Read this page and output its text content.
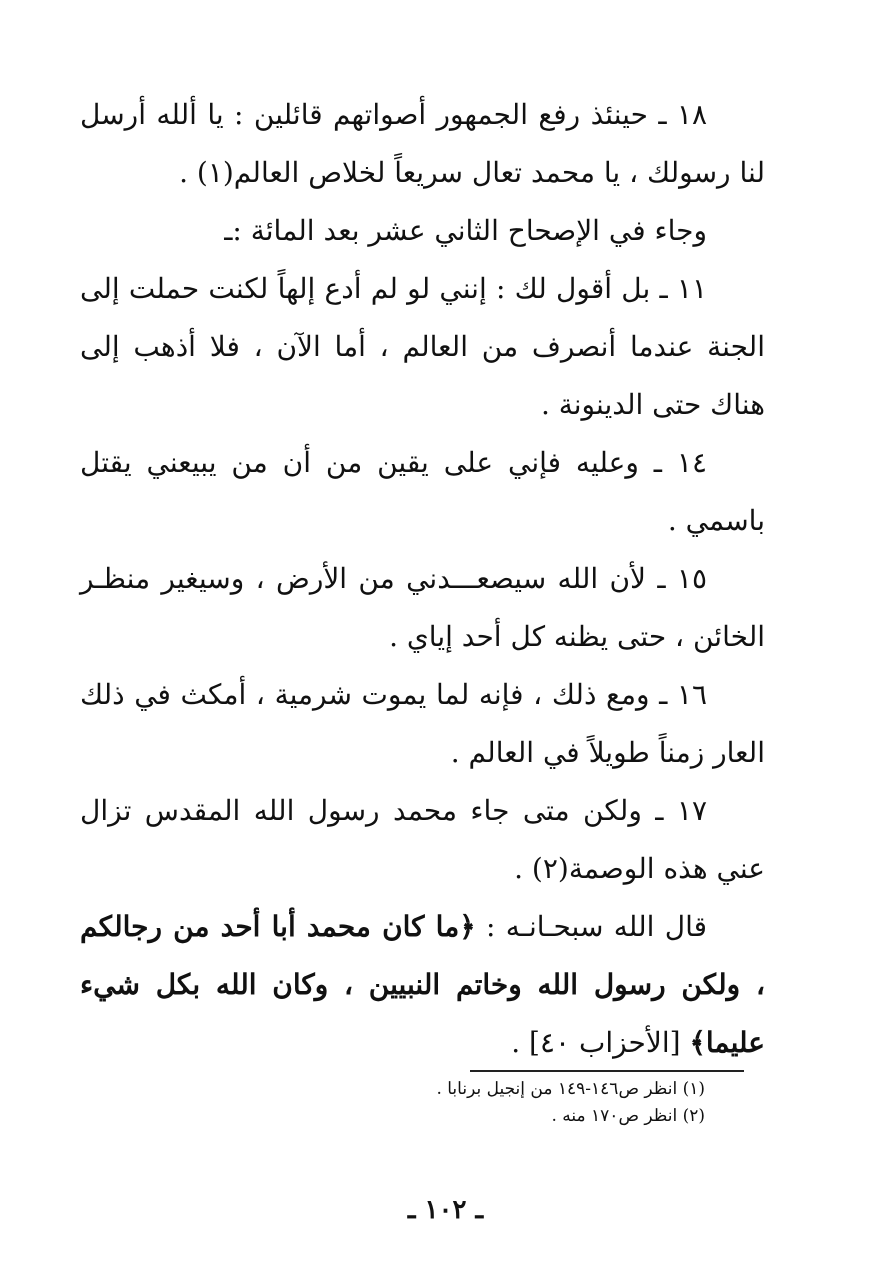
١٨ ـ حينئذ رفع الجمهور أصواتهم قائلين : يا ألله أرسل لنا رسولك ، يا محمد تعال سريعاً لخلاص العالم(١) .

وجاء في الإصحاح الثاني عشر بعد المائة :ـ

١١ ـ بل أقول لك : إنني لو لم أدع إلهاً لكنت حملت إلى الجنة عندما أنصرف من العالم ، أما الآن ، فلا أذهب إلى هناك حتى الدينونة .

١٤ ـ وعليه فإني على يقين من أن من يبيعني يقتل باسمي .

١٥ ـ لأن الله سيصعـــدني من الأرض ، وسيغير منظـر الخائن ، حتى يظنه كل أحد إياي .

١٦ ـ ومع ذلك ، فإنه لما يموت شرمية ، أمكث في ذلك العار زمناً طويلاً في العالم .

١٧ ـ ولكن متى جاء محمد رسول الله المقدس تزال عني هذه الوصمة(٢) .

قال الله سبحـانـه : ﴿ما كان محمد أبا أحد من رجالكم ، ولكن رسول الله وخاتم النبيين ، وكان الله بكل شيء عليما﴾ [الأحزاب ٤٠] .

(١) انظر ص١٤٦-١٤٩ من إنجيل برنابا .

(٢) انظر ص١٧٠ منه .

ـ ١٠٢ ـ
